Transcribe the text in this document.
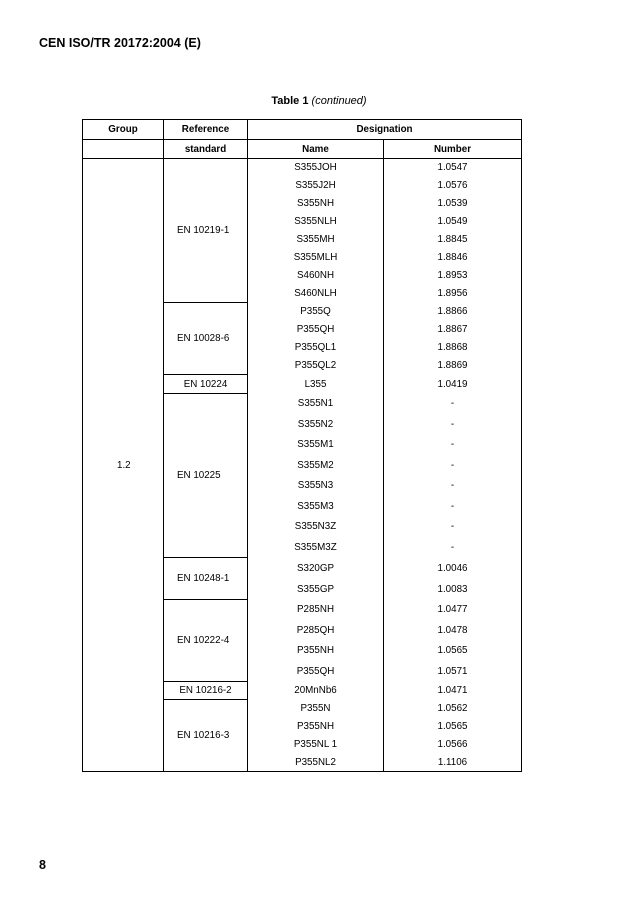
CEN ISO/TR 20172:2004 (E)
Table 1 (continued)
Group	Reference	Designation	
	standard	Name	Number
1.2	EN 10219-1	S355JOH	1.0547
		S355J2H	1.0576
		S355NH	1.0539
		S355NLH	1.0549
		S355MH	1.8845
		S355MLH	1.8846
		S460NH	1.8953
		S460NLH	1.8956
	EN 10028-6	P355Q	1.8866
		P355QH	1.8867
		P355QL1	1.8868
		P355QL2	1.8869
	EN 10224	L355	1.0419
	EN 10225	S355N1	-
		S355N2	-
		S355M1	-
		S355M2	-
		S355N3	-
		S355M3	-
		S355N3Z	-
		S355M3Z	-
	EN 10248-1	S320GP	1.0046
		S355GP	1.0083
	EN 10222-4	P285NH	1.0477
		P285QH	1.0478
		P355NH	1.0565
		P355QH	1.0571
	EN 10216-2	20MnNb6	1.0471
	EN 10216-3	P355N	1.0562
		P355NH	1.0565
		P355NL 1	1.0566
		P355NL2	1.1106
8
